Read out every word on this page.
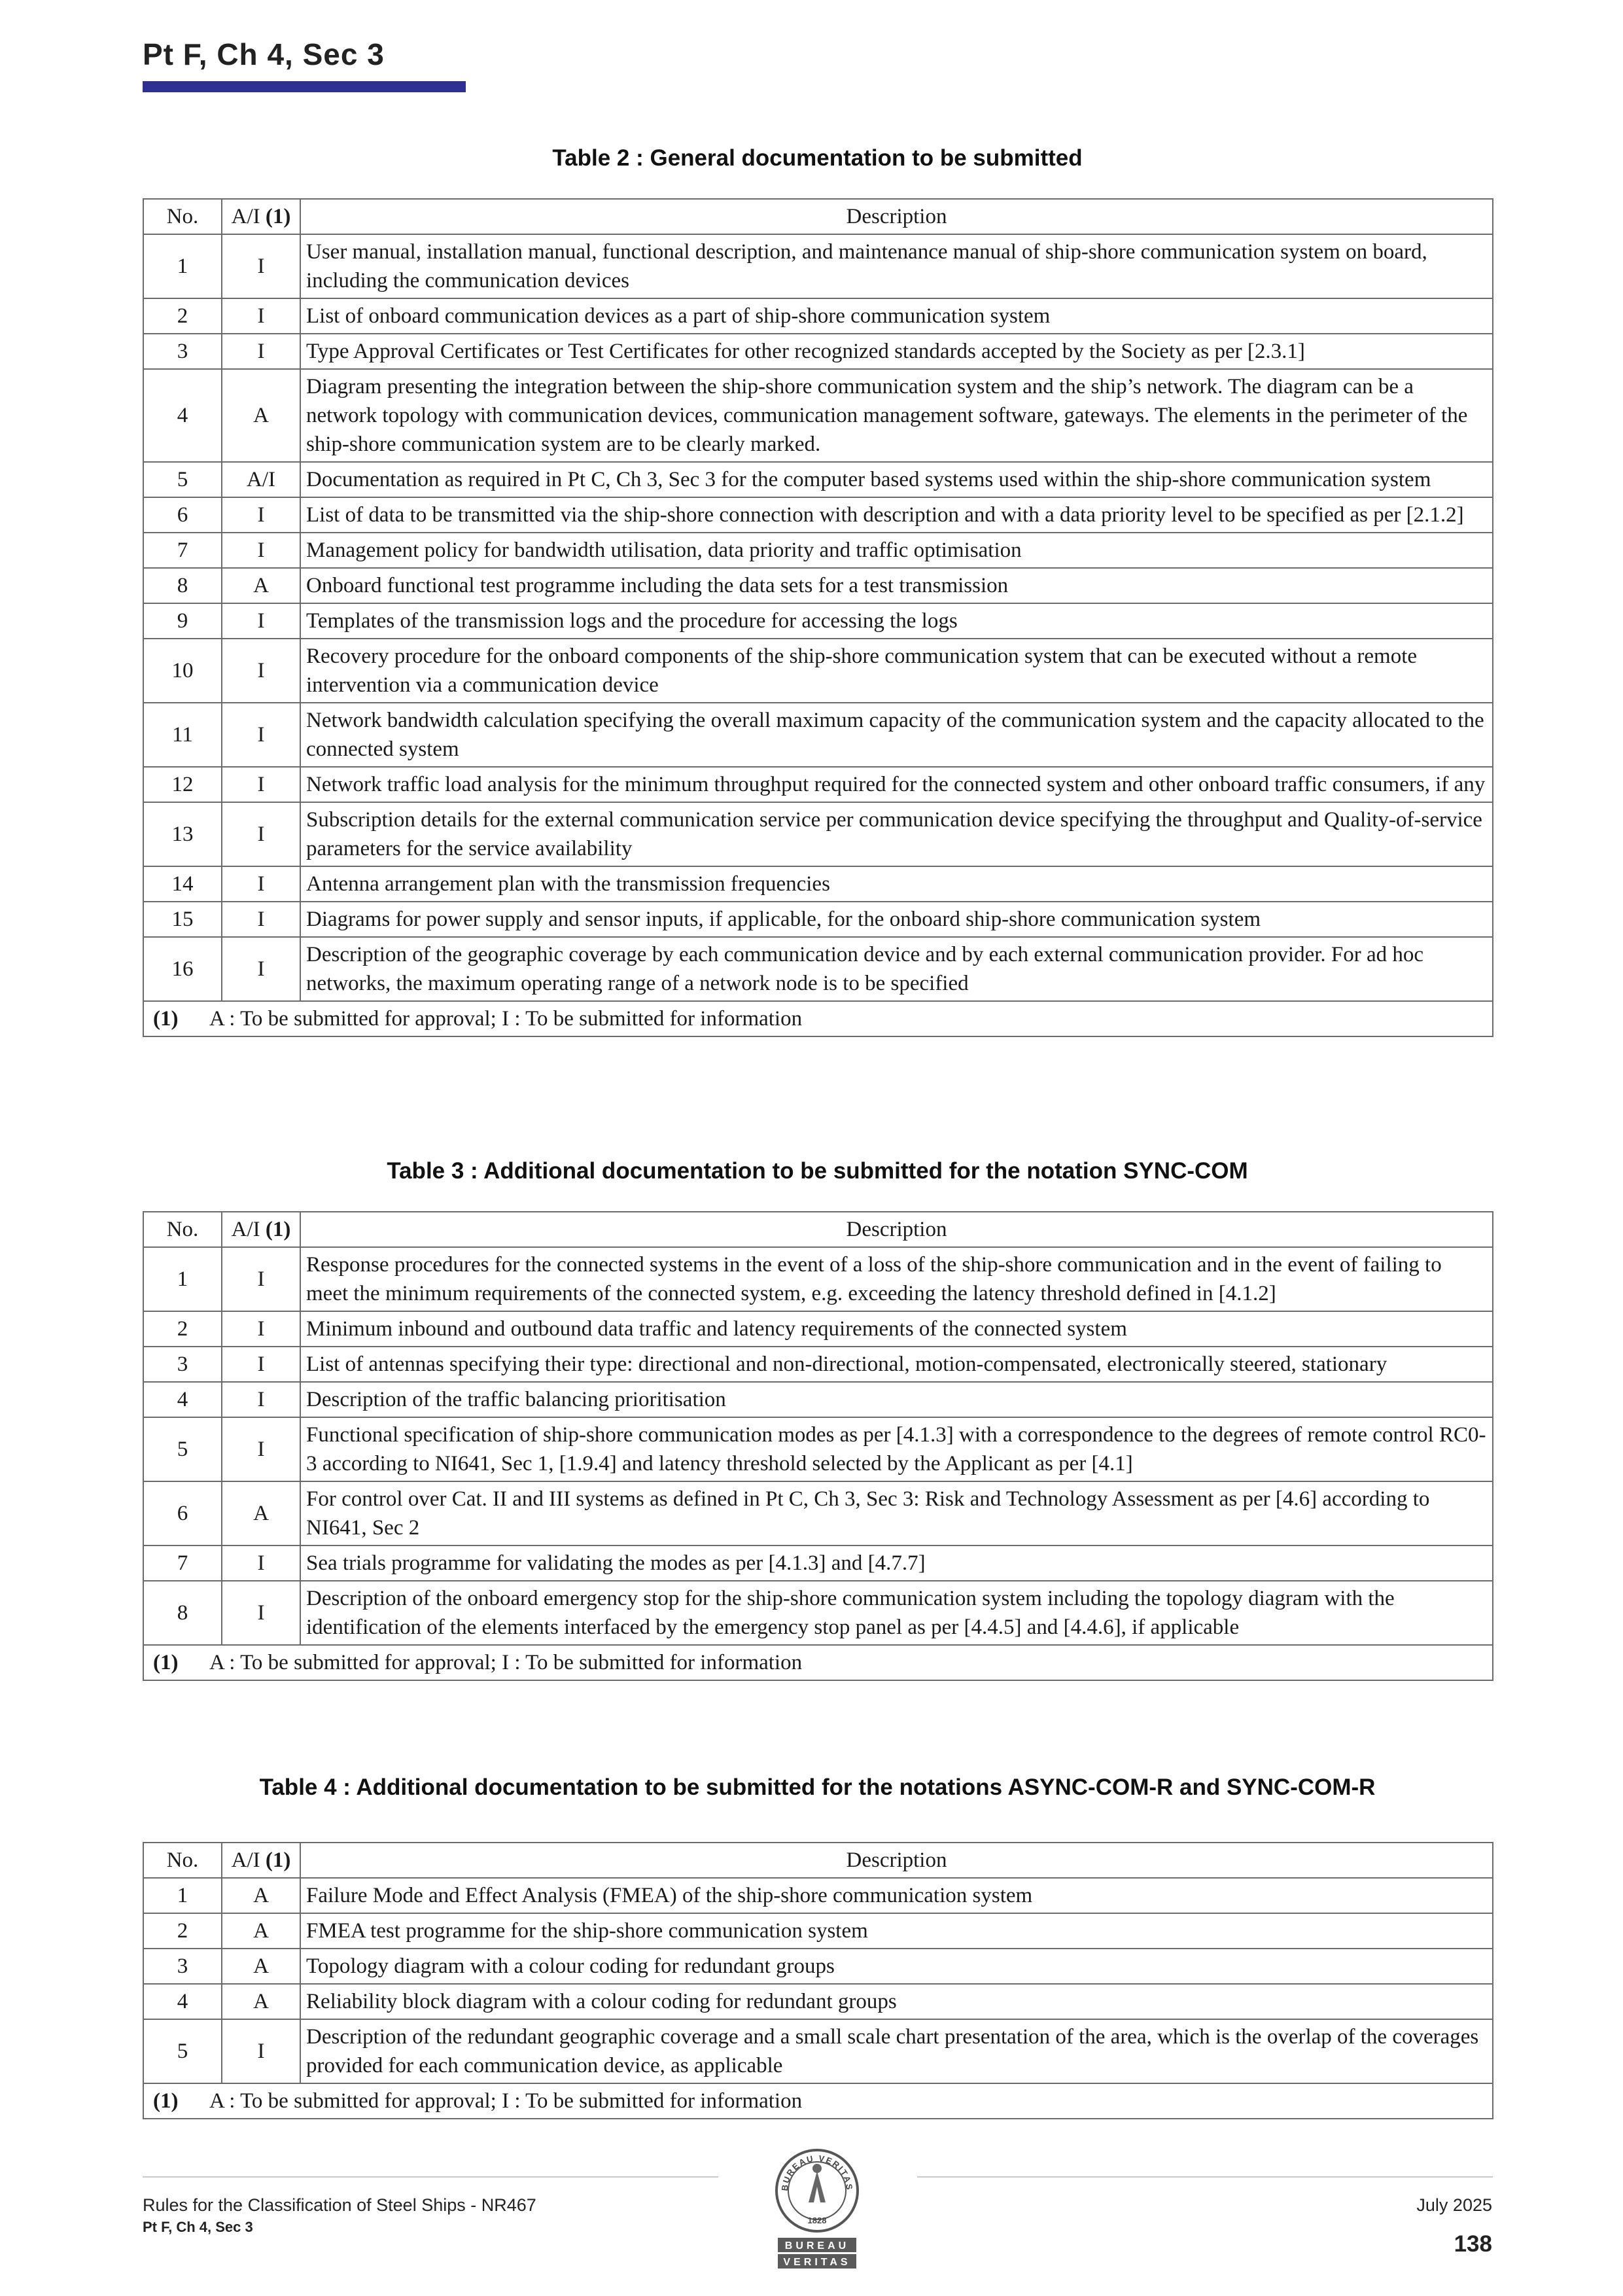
Pt F, Ch 4, Sec 3
Table 2 : General documentation to be submitted
No.	A/I (1)	Description
1	I	User manual, installation manual, functional description, and maintenance manual of ship-shore communication system on board, including the communication devices
2	I	List of onboard communication devices as a part of ship-shore communication system
3	I	Type Approval Certificates or Test Certificates for other recognized standards accepted by the Society as per [2.3.1]
4	A	Diagram presenting the integration between the ship-shore communication system and the ship’s network. The diagram can be a network topology with communication devices, communication management software, gateways. The elements in the perimeter of the ship-shore communication system are to be clearly marked.
5	A/I	Documentation as required in Pt C, Ch 3, Sec 3 for the computer based systems used within the ship-shore communication system
6	I	List of data to be transmitted via the ship-shore connection with description and with a data priority level to be specified as per [2.1.2]
7	I	Management policy for bandwidth utilisation, data priority and traffic optimisation
8	A	Onboard functional test programme including the data sets for a test transmission
9	I	Templates of the transmission logs and the procedure for accessing the logs
10	I	Recovery procedure for the onboard components of the ship-shore communication system that can be executed without a remote intervention via a communication device
11	I	Network bandwidth calculation specifying the overall maximum capacity of the communication system and the capacity allocated to the connected system
12	I	Network traffic load analysis for the minimum throughput required for the connected system and other onboard traffic consumers, if any
13	I	Subscription details for the external communication service per communication device specifying the throughput and Quality-of-service parameters for the service availability
14	I	Antenna arrangement plan with the transmission frequencies
15	I	Diagrams for power supply and sensor inputs, if applicable, for the onboard ship-shore communication system
16	I	Description of the geographic coverage by each communication device and by each external communication provider. For ad hoc networks, the maximum operating range of a network node is to be specified
(1) A : To be submitted for approval; I : To be submitted for information		
Table 3 : Additional documentation to be submitted for the notation SYNC-COM
No.	A/I (1)	Description
1	I	Response procedures for the connected systems in the event of a loss of the ship-shore communication and in the event of failing to meet the minimum requirements of the connected system, e.g. exceeding the latency threshold defined in [4.1.2]
2	I	Minimum inbound and outbound data traffic and latency requirements of the connected system
3	I	List of antennas specifying their type: directional and non-directional, motion-compensated, electronically steered, stationary
4	I	Description of the traffic balancing prioritisation
5	I	Functional specification of ship-shore communication modes as per [4.1.3] with a correspondence to the degrees of remote control RC0-3 according to NI641, Sec 1, [1.9.4] and latency threshold selected by the Applicant as per [4.1]
6	A	For control over Cat. II and III systems as defined in Pt C, Ch 3, Sec 3: Risk and Technology Assessment as per [4.6] according to NI641, Sec 2
7	I	Sea trials programme for validating the modes as per [4.1.3] and [4.7.7]
8	I	Description of the onboard emergency stop for the ship-shore communication system including the topology diagram with the identification of the elements interfaced by the emergency stop panel as per [4.4.5] and [4.4.6], if applicable
(1) A : To be submitted for approval; I : To be submitted for information		
Table 4 : Additional documentation to be submitted for the notations ASYNC-COM-R and SYNC-COM-R
No.	A/I (1)	Description
1	A	Failure Mode and Effect Analysis (FMEA) of the ship-shore communication system
2	A	FMEA test programme for the ship-shore communication system
3	A	Topology diagram with a colour coding for redundant groups
4	A	Reliability block diagram with a colour coding for redundant groups
5	I	Description of the redundant geographic coverage and a small scale chart presentation of the area, which is the overlap of the coverages provided for each communication device, as applicable
(1) A : To be submitted for approval; I : To be submitted for information		
Rules for the Classification of Steel Ships - NR467
Pt F, Ch 4, Sec 3
BUREAU VERITAS
1828
BUREAU
VERITAS
July 2025
138
